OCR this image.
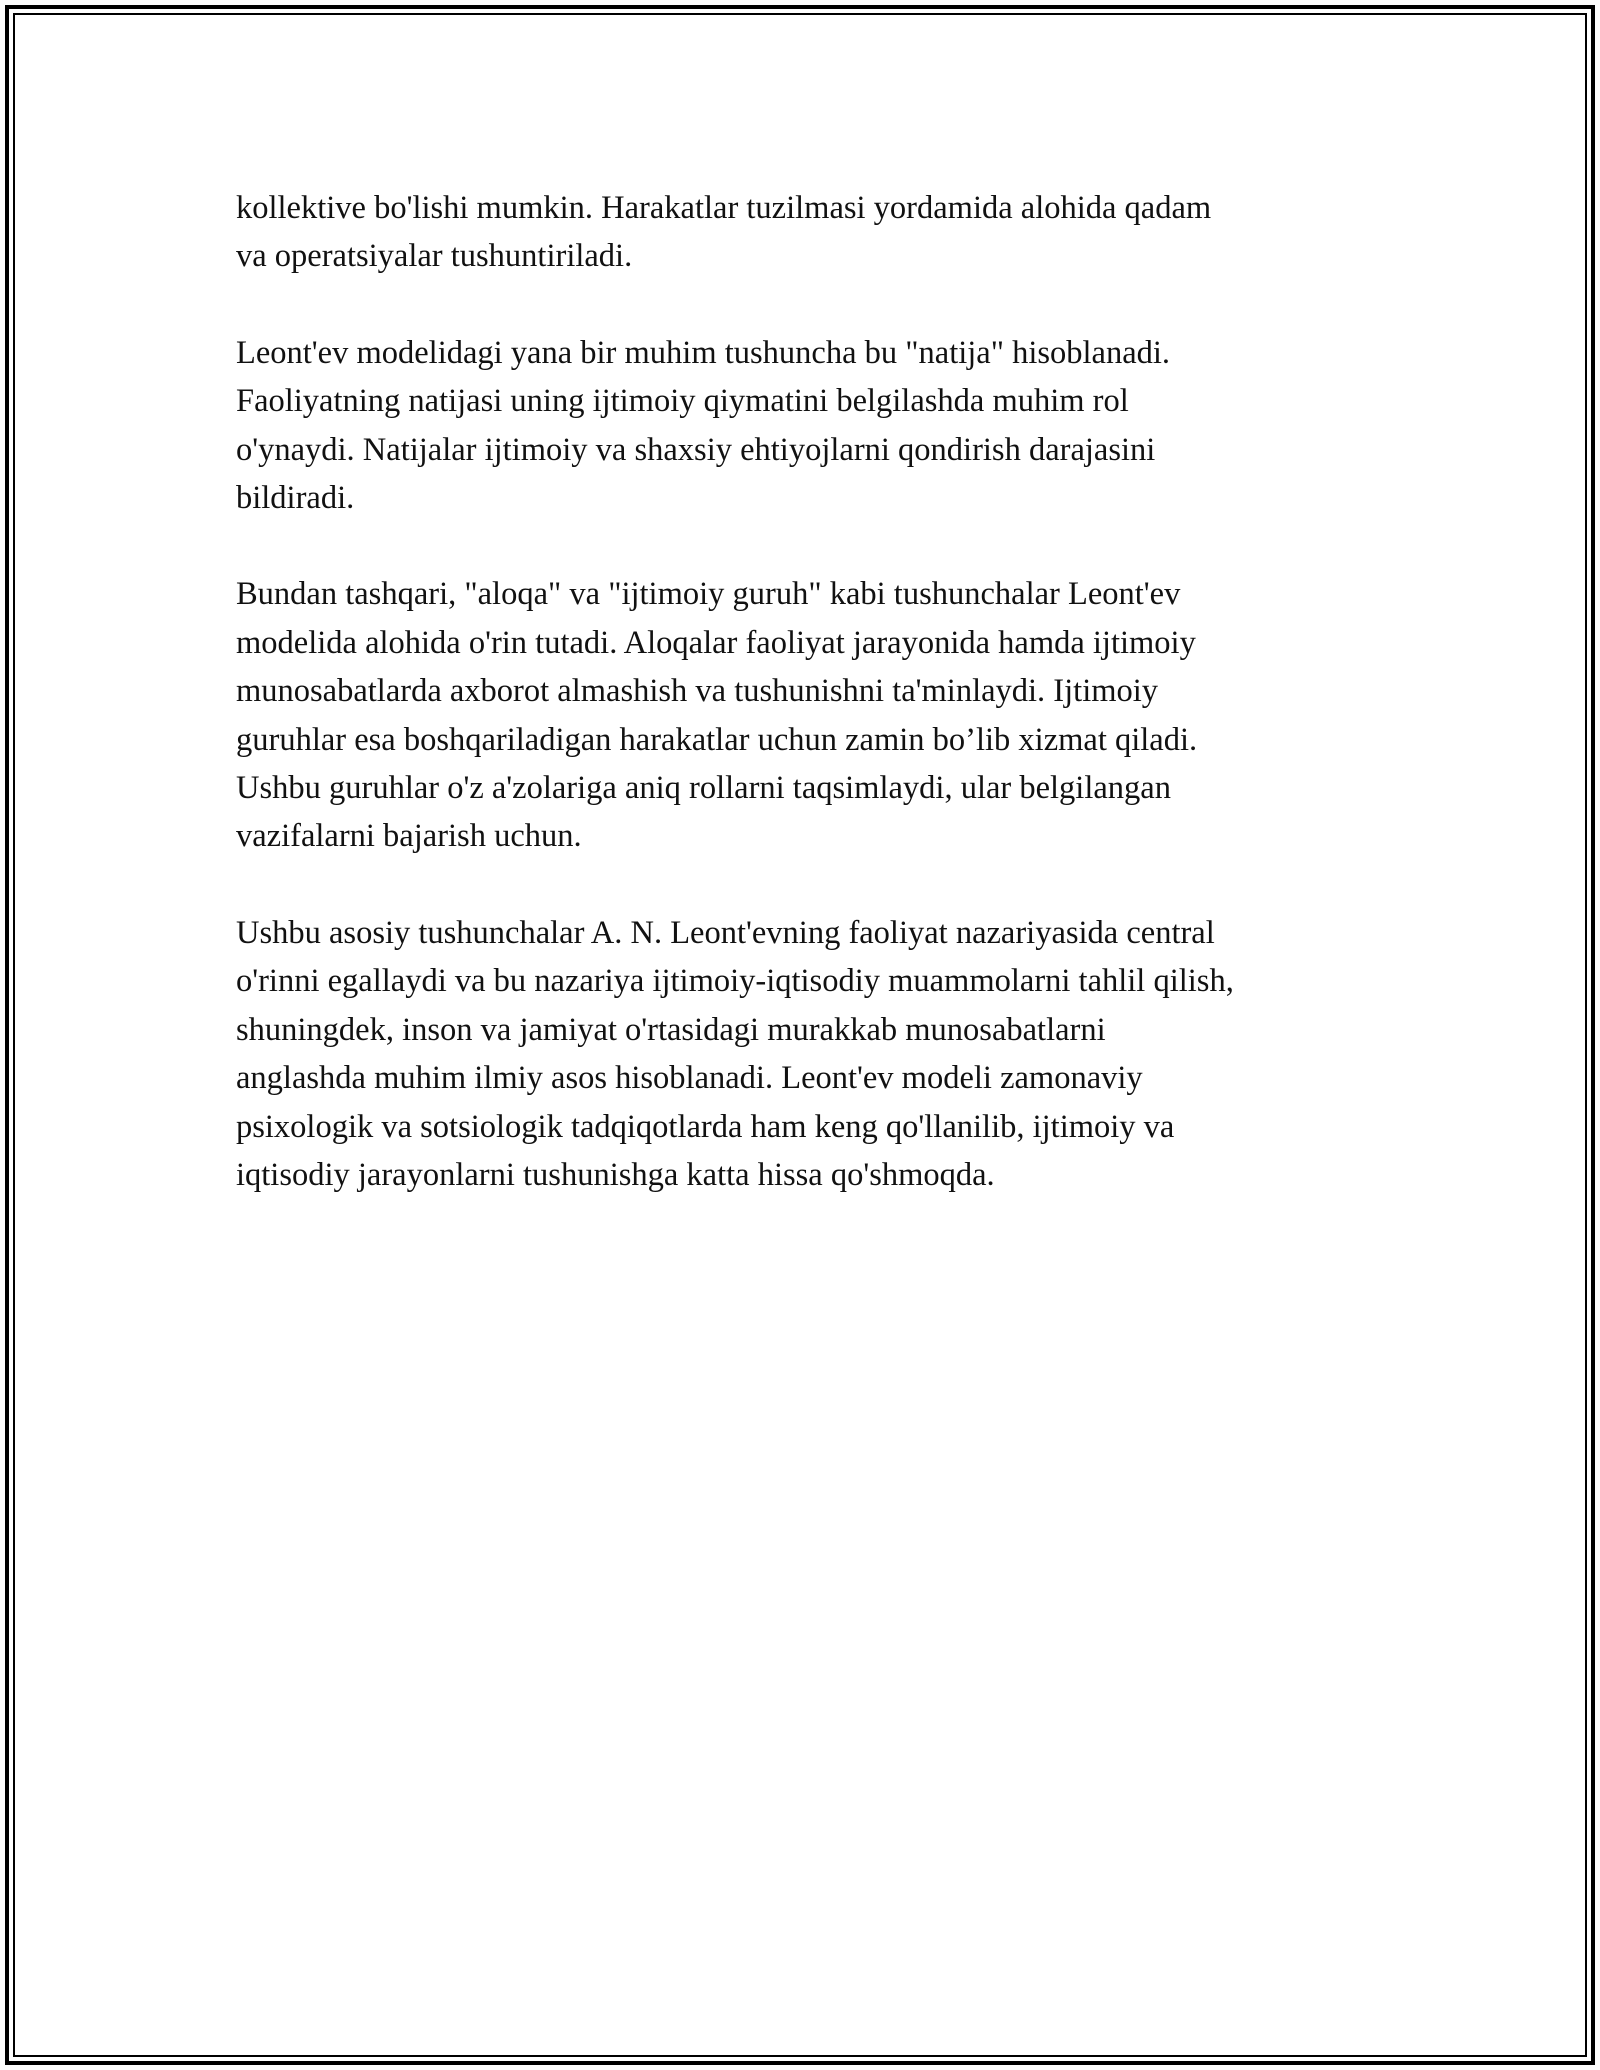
kollektive bo'lishi mumkin. Harakatlar tuzilmasi yordamida alohida qadam
va operatsiyalar tushuntiriladi.

Leont'ev modelidagi yana bir muhim tushuncha bu "natija" hisoblanadi.
Faoliyatning natijasi uning ijtimoiy qiymatini belgilashda muhim rol
o'ynaydi. Natijalar ijtimoiy va shaxsiy ehtiyojlarni qondirish darajasini
bildiradi.

Bundan tashqari, "aloqa" va "ijtimoiy guruh" kabi tushunchalar Leont'ev
modelida alohida o'rin tutadi. Aloqalar faoliyat jarayonida hamda ijtimoiy
munosabatlarda axborot almashish va tushunishni ta'minlaydi. Ijtimoiy
guruhlar esa boshqariladigan harakatlar uchun zamin bo’lib xizmat qiladi.
Ushbu guruhlar o'z a'zolariga aniq rollarni taqsimlaydi, ular belgilangan
vazifalarni bajarish uchun.

Ushbu asosiy tushunchalar A. N. Leont'evning faoliyat nazariyasida central
o'rinni egallaydi va bu nazariya ijtimoiy-iqtisodiy muammolarni tahlil qilish,
shuningdek, inson va jamiyat o'rtasidagi murakkab munosabatlarni
anglashda muhim ilmiy asos hisoblanadi. Leont'ev modeli zamonaviy
psixologik va sotsiologik tadqiqotlarda ham keng qo'llanilib, ijtimoiy va
iqtisodiy jarayonlarni tushunishga katta hissa qo'shmoqda.
